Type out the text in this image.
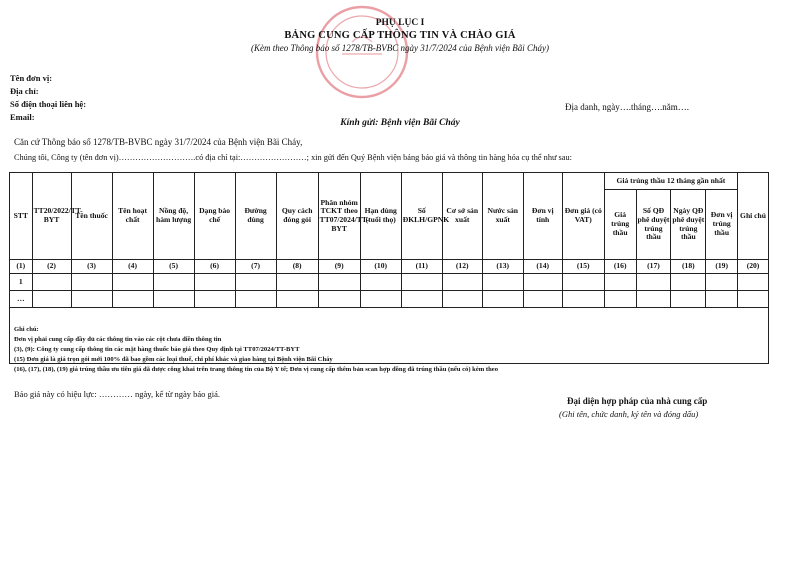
PHỤ LỤC I
BẢNG CUNG CẤP THÔNG TIN VÀ CHÀO GIÁ
(Kèm theo Thông báo số 1278/TB-BVBC ngày 31/7/2024 của Bệnh viện Bãi Cháy)
Tên đơn vị:
Địa chỉ:
Số điện thoại liên hệ:
Email:
Địa danh, ngày….tháng….năm….
Kính gửi: Bệnh viện Bãi Cháy
Căn cứ Thông báo số 1278/TB-BVBC ngày 31/7/2024 của Bệnh viện Bãi Cháy,
Chúng tôi, Công ty (tên đơn vị)……………………….có địa chỉ tại:……………………; xin gửi đến Quý Bệnh viện bảng báo giá và thông tin hàng hóa cụ thể như sau:
STT	TT20/2022/TT-BYT	Tên thuốc	Tên hoạt chất	Nồng độ, hàm lượng	Dạng bào chế	Đường dùng	Quy cách đóng gói	Phân nhóm TCKT theo TT07/2024/TT-BYT	Hạn dùng (tuổi thọ)	Số ĐKLH/GPNK	Cơ sở sản xuất	Nước sản xuất	Đơn vị tính	Đơn giá (có VAT)	Giá trúng thầu 12 tháng gần nhất				Ghi chú
															Giá trúng thầu	Số QĐ phê duyệt trúng thầu	Ngày QĐ phê duyệt trúng thầu	Đơn vị trúng thầu	
(1)	(2)	(3)	(4)	(5)	(6)	(7)	(8)	(9)	(10)	(11)	(12)	(13)	(14)	(15)	(16)	(17)	(18)	(19)	(20)
1																			
…																			

Ghi chú:
Đơn vị phải cung cấp đầy đủ các thông tin vào các cột chưa điền thông tin
(3), (9): Công ty cung cấp thông tin các mặt hàng thuốc báo giá theo Quy định tại TT07/2024/TT-BYT
(15) Đơn giá là giá trọn gói mới 100% đã bao gồm các loại thuế, chi phí khác và giao hàng tại Bệnh viện Bãi Cháy
(16), (17), (18), (19) giá trúng thầu ưu tiên giá đã được công khai trên trang thông tin của Bộ Y tế; Đơn vị cung cấp thêm bản scan hợp đồng đã trúng thầu (nếu có) kèm theo
Báo giá này có hiệu lực: ………… ngày, kể từ ngày báo giá.
Đại diện hợp pháp của nhà cung cấp
(Ghi tên, chức danh, ký tên và đóng dấu)
